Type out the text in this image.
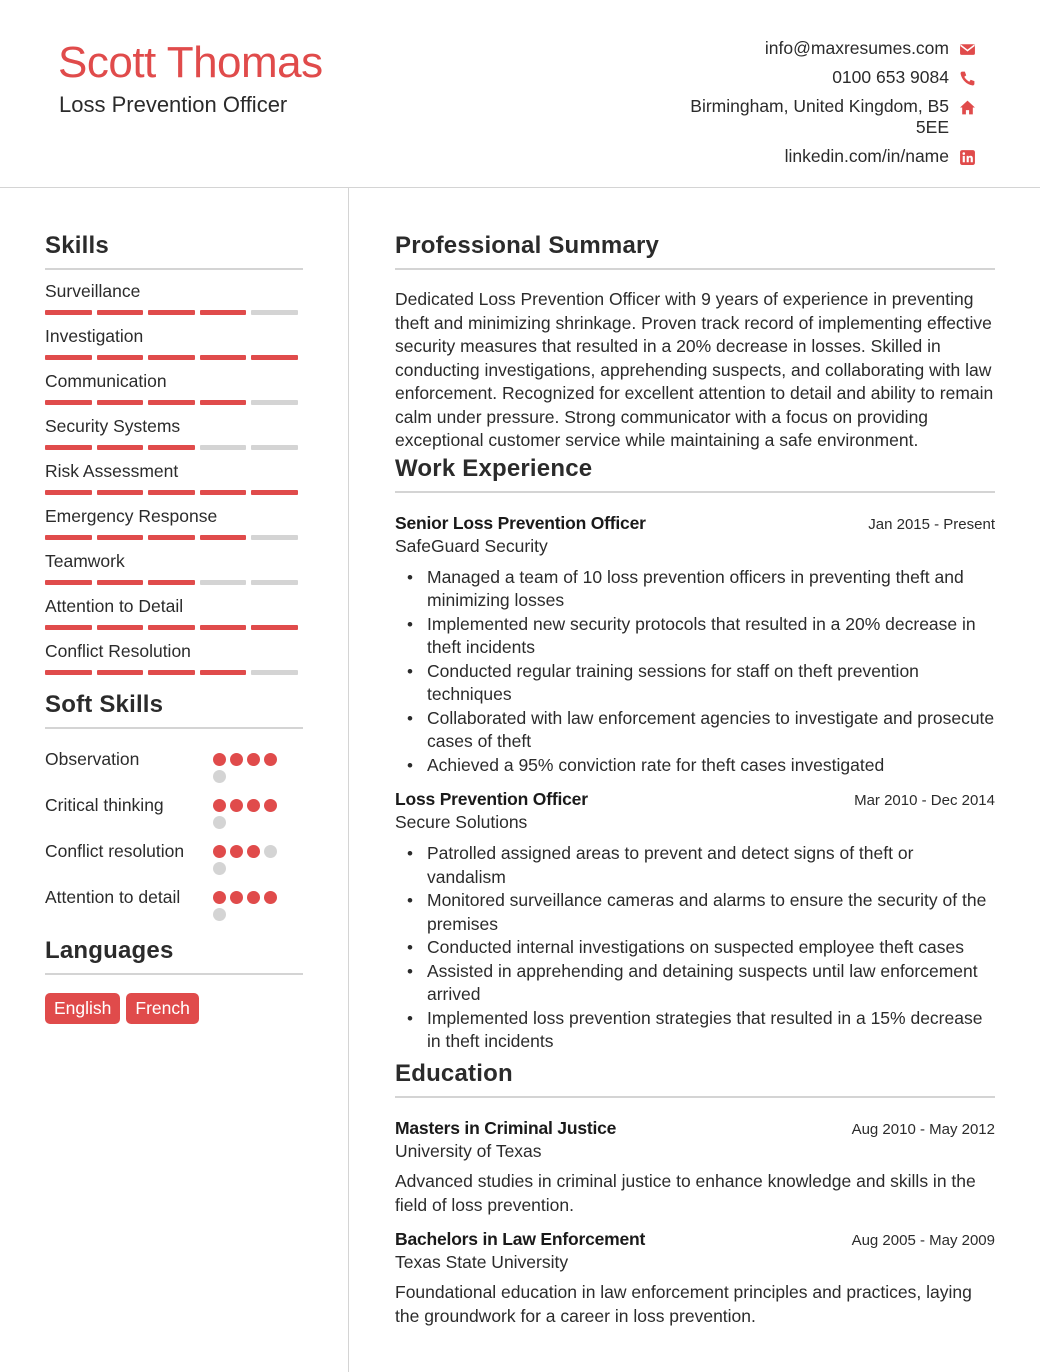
Scott Thomas
Loss Prevention Officer
info@maxresumes.com
0100 653 9084
Birmingham, United Kingdom, B5 5EE
linkedin.com/in/name
Skills
Surveillance
Investigation
Communication
Security Systems
Risk Assessment
Emergency Response
Teamwork
Attention to Detail
Conflict Resolution
Soft Skills
Observation
Critical thinking
Conflict resolution
Attention to detail
Languages
English	French
Professional Summary
Dedicated Loss Prevention Officer with 9 years of experience in preventing theft and minimizing shrinkage. Proven track record of implementing effective security measures that resulted in a 20% decrease in losses. Skilled in conducting investigations, apprehending suspects, and collaborating with law enforcement. Recognized for excellent attention to detail and ability to remain calm under pressure. Strong communicator with a focus on providing exceptional customer service while maintaining a safe environment.
Work Experience
Senior Loss Prevention Officer	Jan 2015 - Present
SafeGuard Security
• Managed a team of 10 loss prevention officers in preventing theft and minimizing losses
• Implemented new security protocols that resulted in a 20% decrease in theft incidents
• Conducted regular training sessions for staff on theft prevention techniques
• Collaborated with law enforcement agencies to investigate and prosecute cases of theft
• Achieved a 95% conviction rate for theft cases investigated
Loss Prevention Officer	Mar 2010 - Dec 2014
Secure Solutions
• Patrolled assigned areas to prevent and detect signs of theft or vandalism
• Monitored surveillance cameras and alarms to ensure the security of the premises
• Conducted internal investigations on suspected employee theft cases
• Assisted in apprehending and detaining suspects until law enforcement arrived
• Implemented loss prevention strategies that resulted in a 15% decrease in theft incidents
Education
Masters in Criminal Justice	Aug 2010 - May 2012
University of Texas
Advanced studies in criminal justice to enhance knowledge and skills in the field of loss prevention.
Bachelors in Law Enforcement	Aug 2005 - May 2009
Texas State University
Foundational education in law enforcement principles and practices, laying the groundwork for a career in loss prevention.
